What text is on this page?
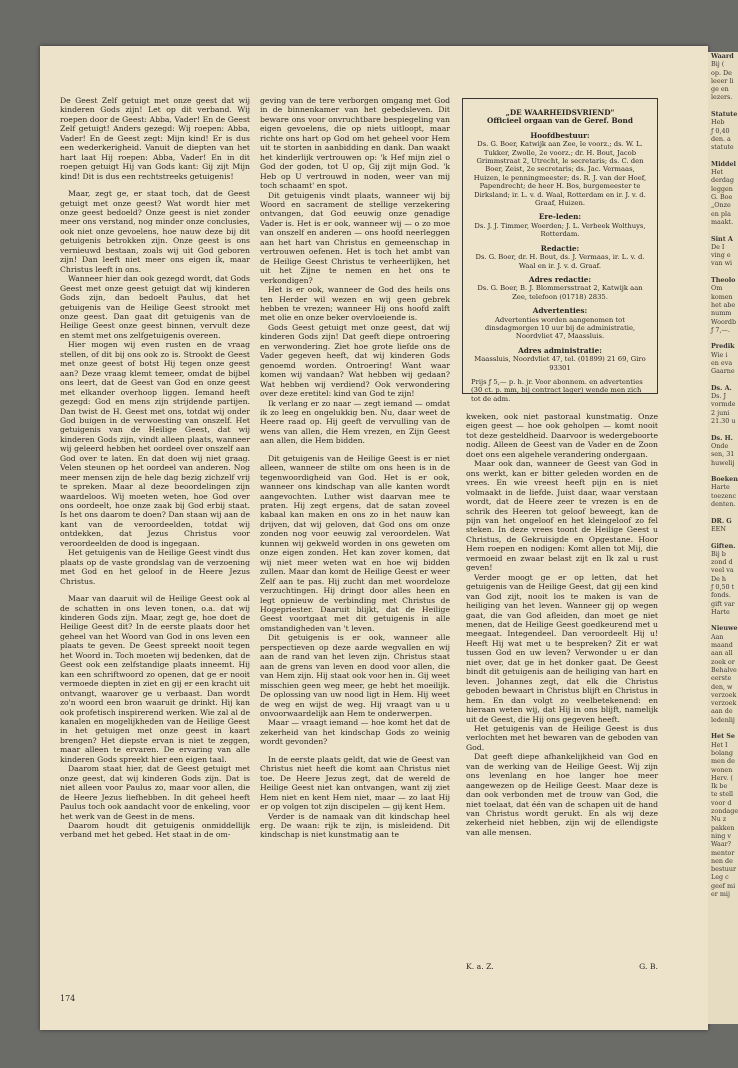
Waard
Bij (
op. De
leeer li
ge en
lezers.

Statute
Heb
ƒ 0,40
den. a
statute

Middel
Het
derdag
leggen
G. Boe
„Onze
en pla
maakt.

Sint A
De I
ving e
van wi

Theolo
Om
komen
het abe
numm
Woordb
ƒ 7,—.

Predik
Wie i
en eva
Gaarne

Ds. A.
Ds. J
vormde
2 juni
21.30 u

Ds. H.
Onde
sen, 31
huwelij

Boeken
Harte
toezenc
denten.

DR. G
EEN

Giften.
Bij b
zond d
veel va
De h
ƒ 0,50 t
fonds.
gift var
Harte

Nieuwe
Aan
maand
aan all
zoek or
Behalve
eerste
den, w
verzoek
verzoek
aan de
ledenlij

Het Se
Het I
bolang
men de
wonen
Herv. (
Ik be
te stell
voor d
zondage
Nu z
pakken
ning v
Waar?
mentor
nen de
bestuur
Leg c
geef mi
er mij

De Geest Zelf getuigt met onze geest dat wij kinderen Gods zijn! Let op dit verband. Wij roepen door de Geest: Abba, Vader! En de Geest Zelf getuigt! Anders gezegd: Wij roepen: Abba, Vader! En de Geest zegt: Mijn kind! Er is dus een wederkerigheid. Vanuit de diepten van het hart laat Hij roepen: Abba, Vader! En in dit roepen getuigt Hij van Gods kant: Gij zijt Mijn kind! Dit is dus een rechtstreeks getuigenis!

Maar, zegt ge, er staat toch, dat de Geest getuigt met onze geest? Wat wordt hier met onze geest bedoeld? Onze geest is niet zonder meer ons verstand, nog minder onze conclusies, ook niet onze gevoelens, hoe nauw deze bij dit getuigenis betrokken zijn. Onze geest is ons vernieuwd bestaan, zoals wij uit God geboren zijn! Dan leeft niet meer ons eigen ik, maar Christus leeft in ons.

Wanneer hier dan ook gezegd wordt, dat Gods Geest met onze geest getuigt dat wij kinderen Gods zijn, dan bedoelt Paulus, dat het getuigenis van de Heilige Geest strookt met onze geest. Dan gaat dit getuigenis van de Heilige Geest onze geest binnen, vervult deze en stemt met ons zelfgetuigenis overeen.

Hier mogen wij even rusten en de vraag stellen, of dit bij ons ook zo is. Strookt de Geest met onze geest of botst Hij tegen onze geest aan? Deze vraag klemt temeer, omdat de bijbel ons leert, dat de Geest van God en onze geest met elkander overhoop liggen. Iemand heeft gezegd: God en mens zijn strijdende partijen. Dan twist de H. Geest met ons, totdat wij onder God buigen in de verwoesting van onszelf. Het getuigenis van de Heilige Geest, dat wij kinderen Gods zijn, vindt alleen plaats, wanneer wij geleerd hebben het oordeel over onszelf aan God over te laten. En dat doen wij niet graag. Velen steunen op het oordeel van anderen. Nog meer mensen zijn de hele dag bezig zichzelf vrij te spreken. Maar al deze beoordelingen zijn waardeloos. Wij moeten weten, hoe God over ons oordeelt, hoe onze zaak bij God erbij staat. Is het ons daarom te doen? Dan staan wij aan de kant van de veroordeelden, totdat wij ontdekken, dat Jezus Christus voor veroordeelden de dood is ingegaan.

Het getuigenis van de Heilige Geest vindt dus plaats op de vaste grondslag van de verzoening met God en het geloof in de Heere Jezus Christus.

Maar van daaruit wil de Heilige Geest ook al de schatten in ons leven tonen, o.a. dat wij kinderen Gods zijn. Maar, zegt ge, hoe doet de Heilige Geest dit? In de eerste plaats door het geheel van het Woord van God in ons leven een plaats te geven. De Geest spreekt nooit tegen het Woord in. Toch moeten wij bedenken, dat de Geest ook een zelfstandige plaats inneemt. Hij kan een schriftwoord zo openen, dat ge er nooit vermoede diepten in ziet en gij er een kracht uit ontvangt, waarover ge u verbaast. Dan wordt zo'n woord een bron waaruit ge drinkt. Hij kan ook profetisch inspirerend werken. Wie zal al de kanalen en mogelijkheden van de Heilige Geest in het getuigen met onze geest in kaart brengen? Het diepste ervan is niet te zeggen, maar alleen te ervaren. De ervaring van alle kinderen Gods spreekt hier een eigen taal.

Daarom staat hier, dat de Geest getuigt met onze geest, dat wij kinderen Gods zijn. Dat is niet alleen voor Paulus zo, maar voor allen, die de Heere Jezus liefhebben. In dit geheel heeft Paulus toch ook aandacht voor de enkeling, voor het werk van de Geest in de mens.

Daarom houdt dit getuigenis onmiddellijk verband met het gebed. Het staat in de om-

geving van de tere verborgen omgang met God in de binnenkamer van het gebedsleven. Dit beware ons voor onvruchtbare bespiegeling van eigen gevoelens, die op niets uitloopt, maar richte ons hart op God om het geheel voor Hem uit te storten in aanbidding en dank. Dan waakt het kinderlijk vertrouwen op: 'k Hef mijn ziel o God der goden, tot U op, Gij zijt mijn God. 'k Heb op U vertrouwd in noden, weer van mij toch schaamt' en spot.

Dit getuigenis vindt plaats, wanneer wij bij Woord en sacrament de stellige verzekering ontvangen, dat God eeuwig onze genadige Vader is. Het is er ook, wanneer wij — o zo moe van onszelf en anderen — ons hoofd neerleggen aan het hart van Christus en gemeenschap in vertrouwen oefenen. Het is toch het ambt van de Heilige Geest Christus te verheerlijken, het uit het Zijne te nemen en het ons te verkondigen?

Het is er ook, wanneer de God des heils ons ten Herder wil wezen en wij geen gebrek hebben te vrezen; wanneer Hij ons hoofd zalft met olie en onze beker overvloeiende is.

Gods Geest getuigt met onze geest, dat wij kinderen Gods zijn! Dat geeft diepe ontroering en verwondering. Ziet hoe grote liefde ons de Vader gegeven heeft, dat wij kinderen Gods genoemd worden. Ontroering! Want waar komen wij vandaan? Wat hebben wij gedaan? Wat hebben wij verdiend? Ook verwondering over deze eretitel: kind van God te zijn!

Ik verlang er zo naar — zegt iemand — omdat ik zo leeg en ongelukkig ben. Nu, daar weet de Heere raad op. Hij geeft de vervulling van de wens van allen, die Hem vrezen, en Zijn Geest aan allen, die Hem bidden.

Dit getuigenis van de Heilige Geest is er niet alleen, wanneer de stilte om ons heen is in de tegenwoordigheid van God. Het is er ook, wanneer ons kindschap van alle kanten wordt aangevochten. Luther wist daarvan mee te praten. Hij zegt ergens, dat de satan zoveel kabaal kan maken en ons zo in het nauw kan drijven, dat wij geloven, dat God ons om onze zonden nog voor eeuwig zal veroordelen. Wat kunnen wij gekweld worden in ons geweten om onze eigen zonden. Het kan zover komen, dat wij niet meer weten wat en hoe wij bidden zullen. Maar dan komt de Heilige Geest er weer Zelf aan te pas. Hij zucht dan met woordeloze verzuchtingen. Hij dringt door alles heen en legt opnieuw de verbinding met Christus de Hogepriester. Daaruit blijkt, dat de Heilige Geest voortgaat met dit getuigenis in alle omstandigheden van 't leven.

Dit getuigenis is er ook, wanneer alle perspectieven op deze aarde wegvallen en wij aan de rand van het leven zijn. Christus staat aan de grens van leven en dood voor allen, die van Hem zijn. Hij staat ook voor hen in. Gij weet misschien geen weg meer, ge hebt het moeilijk. De oplossing van uw nood ligt in Hem. Hij weet de weg en wijst de weg. Hij vraagt van u u onvoorwaardelijk aan Hem te onderwerpen.

Maar — vraagt iemand — hoe komt het dat de zekerheid van het kindschap Gods zo weinig wordt gevonden?

In de eerste plaats geldt, dat wie de Geest van Christus niet heeft die komt aan Christus niet toe. De Heere Jezus zegt, dat de wereld de Heilige Geest niet kan ontvangen, want zij ziet Hem niet en kent Hem niet, maar — zo laat Hij er op volgen tot zijn discipelen — gij kent Hem.

Verder is de namaak van dit kindschap heel erg. De waan: rijk te zijn, is misleidend. Dit kindschap is niet kunstmatig aan te

„DE WAARHEIDSVRIEND"
Officieel orgaan van de Geref. Bond
Hoofdbestuur:
Ds. G. Boer, Katwijk aan Zee, le voorz.; ds. W. L. Tukker, Zwolle, 2e voorz.; dr. H. Bout, Jacob Grimmstraat 2, Utrecht, le secretaris; ds. C. den Boer, Zeist, 2e secretaris; ds. Jac. Vermaas, Huizen, le penningmeester; ds. R. J. van der Hoef, Papendrecht; de heer H. Bos, burgemeester te Dirksland; ir. L. v. d. Waal, Rotterdam en ir. J. v. d. Graaf, Huizen.
Ere-leden:
Ds. J. J. Timmer, Woerden; J. L. Verbeek Wolthuys, Rotterdam.
Redactie:
Ds. G. Boer, dr. H. Bout, ds. J. Vermaas, ir. L. v. d. Waal en ir. J. v. d. Graaf.
Adres redactie:
Ds. G. Boer, B. J. Blommersstraat 2, Katwijk aan Zee, telefoon (01718) 2835.
Advertenties:
Advertenties worden aangenomen tot dinsdagmorgen 10 uur bij de administratie, Noordvliet 47, Maassluis.
Adres administratie:
Maassluis, Noordvliet 47, tel. (01899) 21 69, Giro 93301
Prijs ƒ 5,— p. h. jr. Voor abonnem. en advertenties (30 ct. p. mm, bij contract lager) wende men zich tot de adm.

kweken, ook niet pastoraal kunstmatig. Onze eigen geest — hoe ook geholpen — komt nooit tot deze gesteldheid. Daarvoor is wedergeboorte nodig. Alleen de Geest van de Vader en de Zoon doet ons een algehele verandering ondergaan.

Maar ook dan, wanneer de Geest van God in ons werkt, kan er bitter geleden worden en de vrees. En wie vreest heeft pijn en is niet volmaakt in de liefde. Juist daar, waar verstaan wordt, dat de Heere zeer te vrezen is en de schrik des Heeren tot geloof beweegt, kan de pijn van het ongeloof en het kleingeloof zo fel steken. In deze vrees toont de Heilige Geest u Christus, de Gekruisigde en Opgestane. Hoor Hem roepen en nodigen: Komt allen tot Mij, die vermoeid en zwaar belast zijt en Ik zal u rust geven!

Verder moogt ge er op letten, dat het getuigenis van de Heilige Geest, dat gij een kind van God zijt, nooit los te maken is van de heiliging van het leven. Wanneer gij op wegen gaat, die van God afleiden, dan moet ge niet menen, dat de Heilige Geest goedkeurend met u meegaat. Integendeel. Dan veroordeelt Hij u! Heeft Hij wat met u te bespreken? Zit er wat tussen God en uw leven? Verwonder u er dan niet over, dat ge in het donker gaat. De Geest bindt dit getuigenis aan de heiliging van hart en leven. Johannes zegt, dat elk die Christus geboden bewaart in Christus blijft en Christus in hem. En dan volgt zo veelbetekenend: en hieraan weten wij, dat Hij in ons blijft, namelijk uit de Geest, die Hij ons gegeven heeft.

Het getuigenis van de Heilige Geest is dus verlochten met het bewaren van de geboden van God.

Dat geeft diepe afhankelijkheid van God en van de werking van de Heilige Geest. Wij zijn ons levenlang en hoe langer hoe meer aangewezen op de Heilige Geest. Maar deze is dan ook verbonden met de trouw van God, die niet toelaat, dat één van de schapen uit de hand van Christus wordt gerukt. En als wij deze zekerheid niet hebben, zijn wij de ellendigste van alle mensen.

K. a. Z.	G. B.
174
